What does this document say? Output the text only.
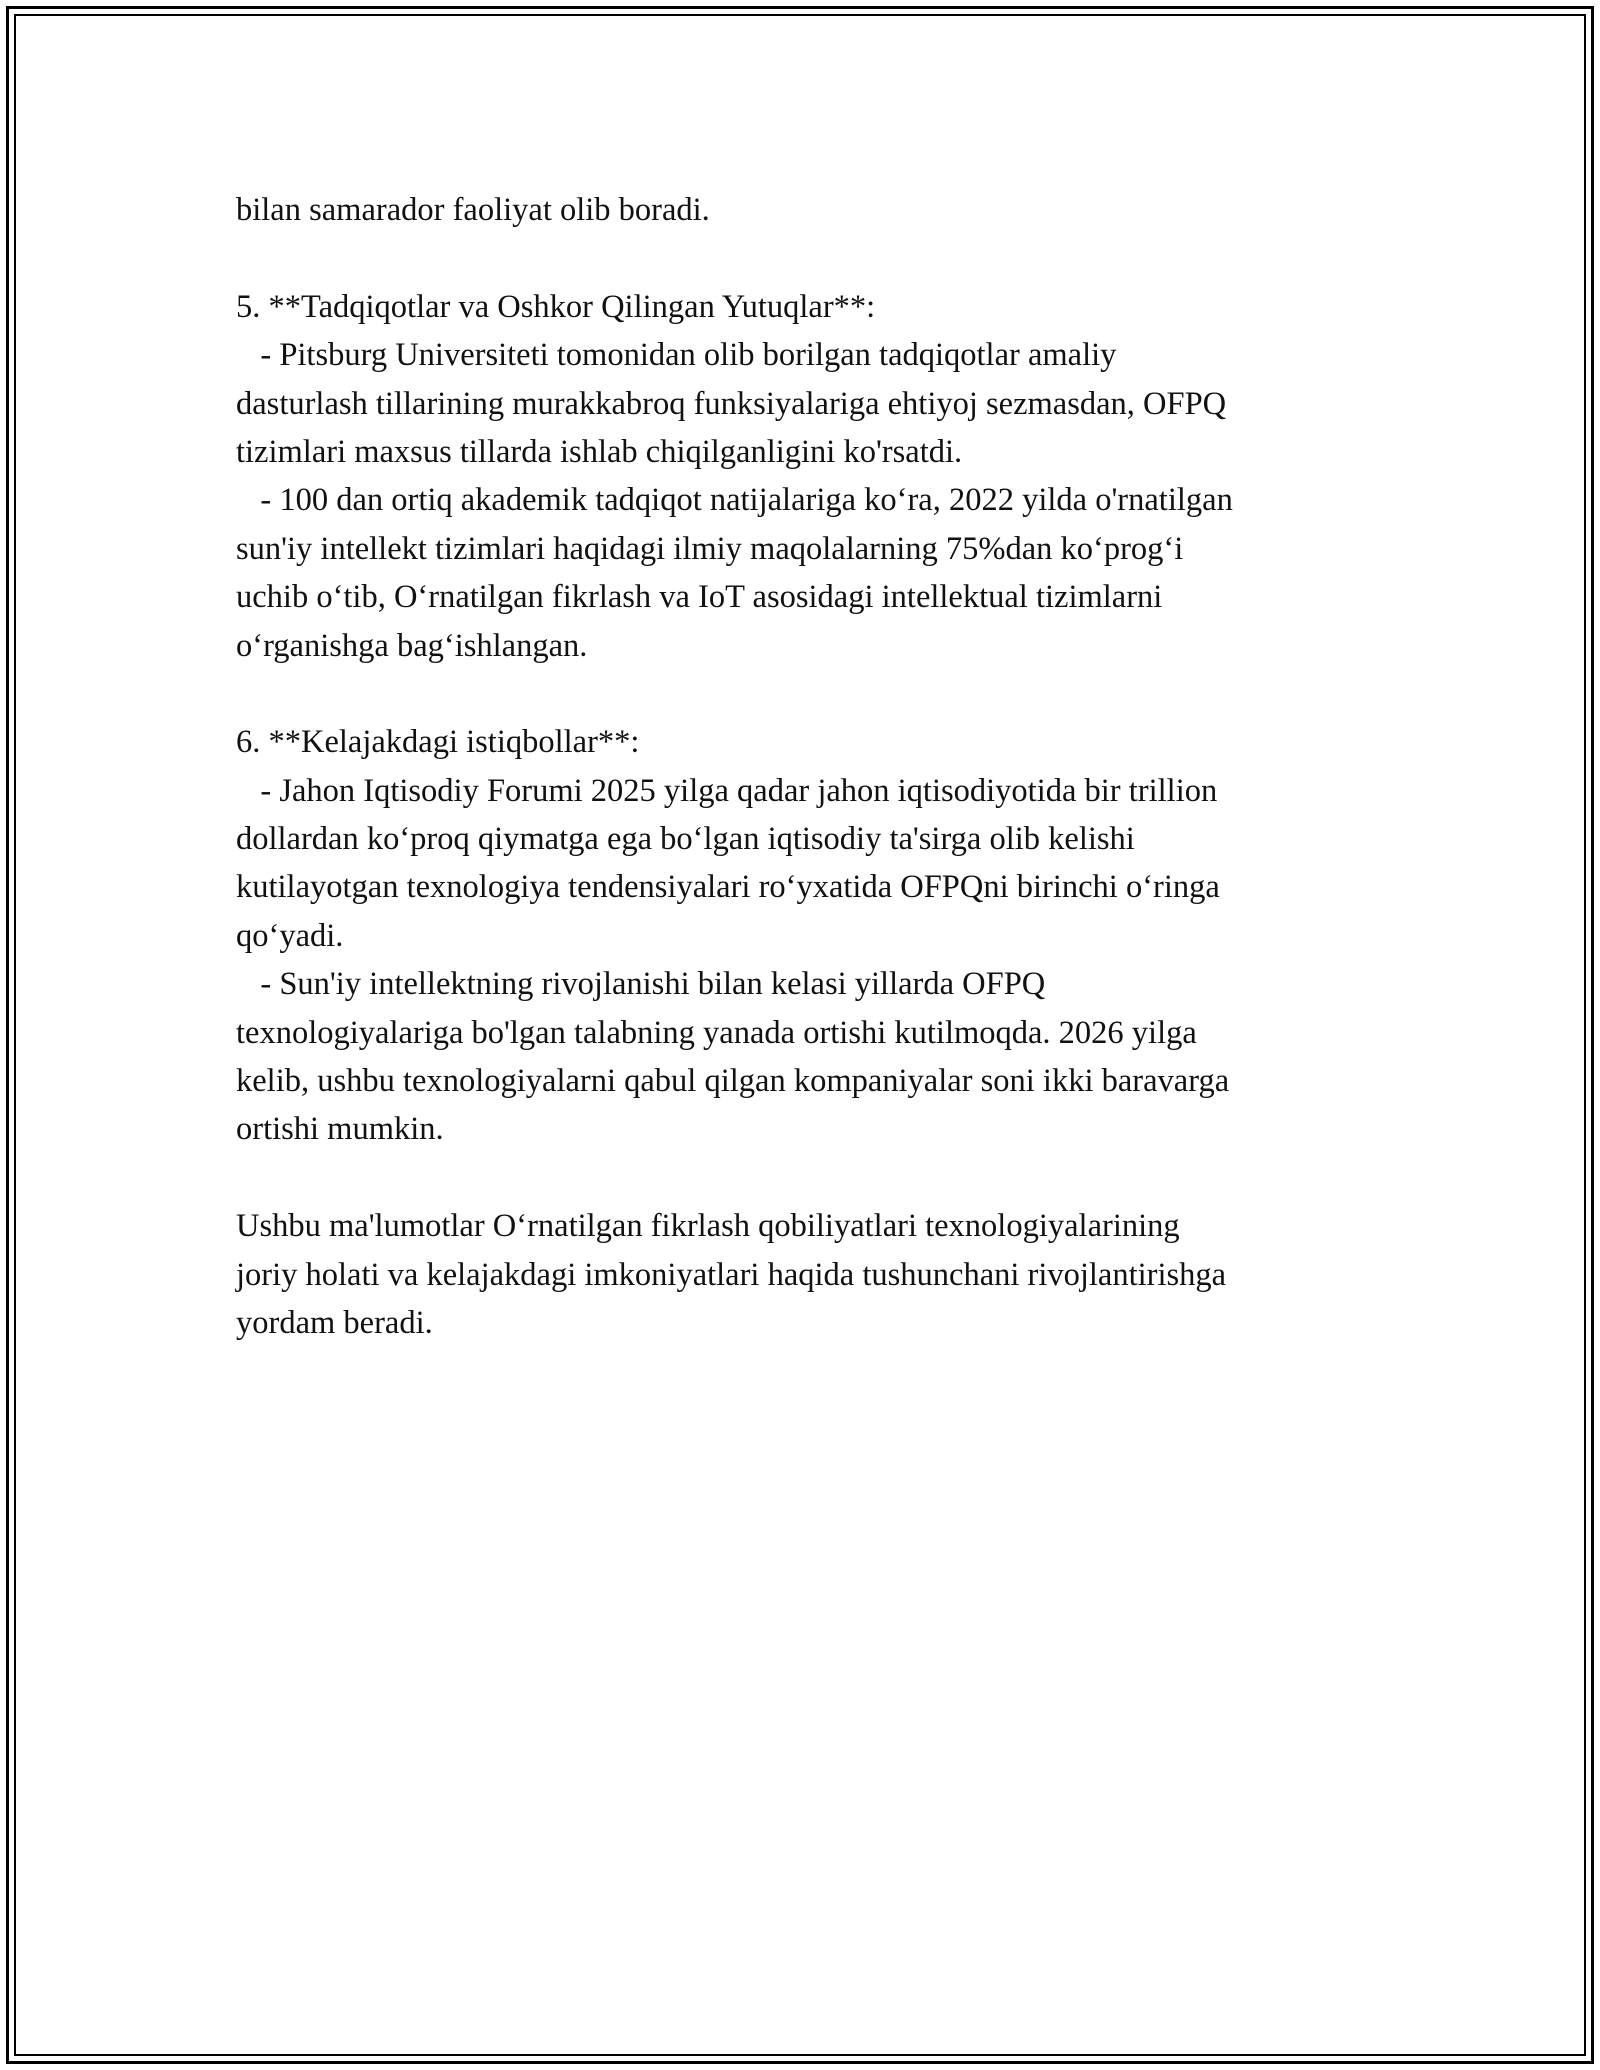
bilan samarador faoliyat olib boradi.
5. **Tadqiqotlar va Oshkor Qilingan Yutuqlar**:
- Pitsburg Universiteti tomonidan olib borilgan tadqiqotlar amaliy
dasturlash tillarining murakkabroq funksiyalariga ehtiyoj sezmasdan, OFPQ
tizimlari maxsus tillarda ishlab chiqilganligini ko'rsatdi.
- 100 dan ortiq akademik tadqiqot natijalariga ko‘ra, 2022 yilda o'rnatilgan
sun'iy intellekt tizimlari haqidagi ilmiy maqolalarning 75%dan ko‘prog‘i
uchib o‘tib, O‘rnatilgan fikrlash va IoT asosidagi intellektual tizimlarni
o‘rganishga bag‘ishlangan.
6. **Kelajakdagi istiqbollar**:
- Jahon Iqtisodiy Forumi 2025 yilga qadar jahon iqtisodiyotida bir trillion
dollardan ko‘proq qiymatga ega bo‘lgan iqtisodiy ta'sirga olib kelishi
kutilayotgan texnologiya tendensiyalari ro‘yxatida OFPQni birinchi o‘ringa
qo‘yadi.
- Sun'iy intellektning rivojlanishi bilan kelasi yillarda OFPQ
texnologiyalariga bo'lgan talabning yanada ortishi kutilmoqda. 2026 yilga
kelib, ushbu texnologiyalarni qabul qilgan kompaniyalar soni ikki baravarga
ortishi mumkin.
Ushbu ma'lumotlar O‘rnatilgan fikrlash qobiliyatlari texnologiyalarining
joriy holati va kelajakdagi imkoniyatlari haqida tushunchani rivojlantirishga
yordam beradi.
